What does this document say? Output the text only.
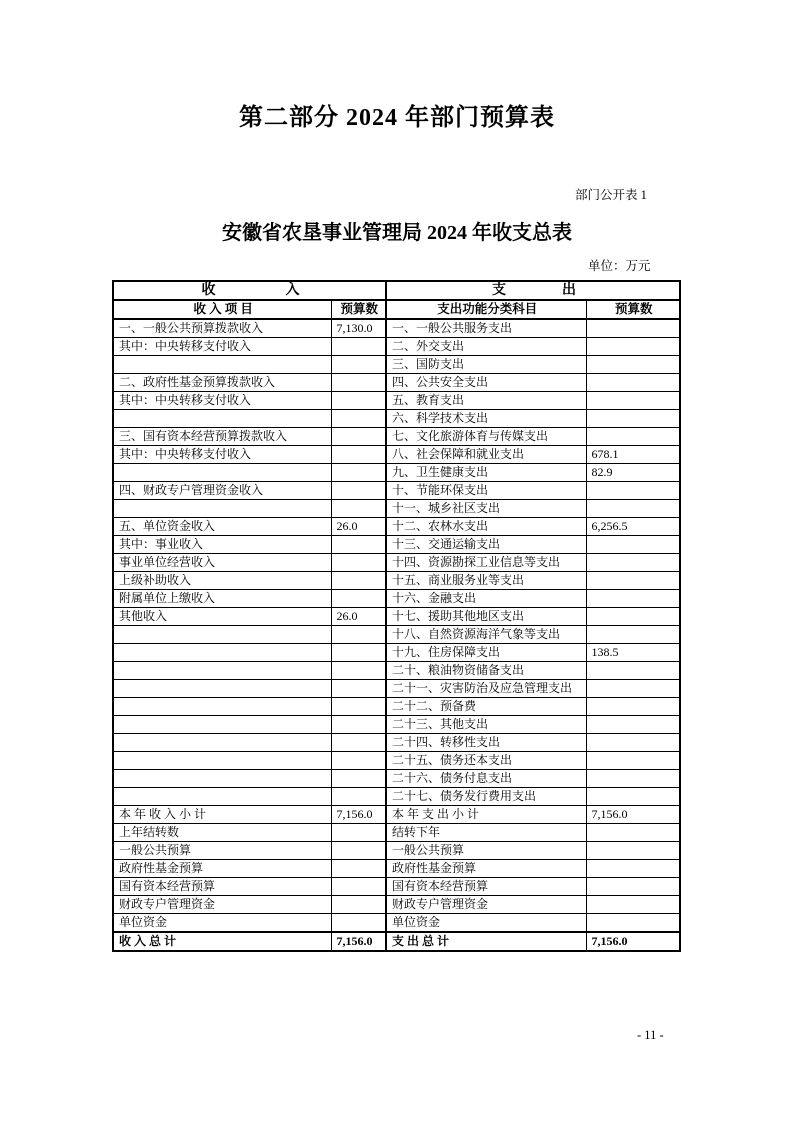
第二部分 2024 年部门预算表
部门公开表 1
安徽省农垦事业管理局 2024 年收支总表
单位：万元
收　　　　　入		支　　　　出	
收 入 项 目	预算数	支出功能分类科目	预算数
一、一般公共预算拨款收入	7,130.0	一、一般公共服务支出	
其中：中央转移支付收入		二、外交支出	
		三、国防支出	
二、政府性基金预算拨款收入		四、公共安全支出	
其中：中央转移支付收入		五、教育支出	
		六、科学技术支出	
三、国有资本经营预算拨款收入		七、文化旅游体育与传媒支出	
其中：中央转移支付收入		八、社会保障和就业支出	678.1
		九、卫生健康支出	82.9
四、财政专户管理资金收入		十、节能环保支出	
		十一、城乡社区支出	
五、单位资金收入	26.0	十二、农林水支出	6,256.5
其中：事业收入		十三、交通运输支出	
事业单位经营收入		十四、资源勘探工业信息等支出	
上级补助收入		十五、商业服务业等支出	
附属单位上缴收入		十六、金融支出	
其他收入	26.0	十七、援助其他地区支出	
		十八、自然资源海洋气象等支出	
		十九、住房保障支出	138.5
		二十、粮油物资储备支出	
		二十一、灾害防治及应急管理支出	
		二十二、预备费	
		二十三、其他支出	
		二十四、转移性支出	
		二十五、债务还本支出	
		二十六、债务付息支出	
		二十七、债务发行费用支出	
本 年 收 入 小 计	7,156.0	本 年 支 出 小 计	7,156.0
上年结转数		结转下年	
一般公共预算		一般公共预算	
政府性基金预算		政府性基金预算	
国有资本经营预算		国有资本经营预算	
财政专户管理资金		财政专户管理资金	
单位资金		单位资金	
收 入 总 计	7,156.0	支 出 总 计	7,156.0
- 11 -
